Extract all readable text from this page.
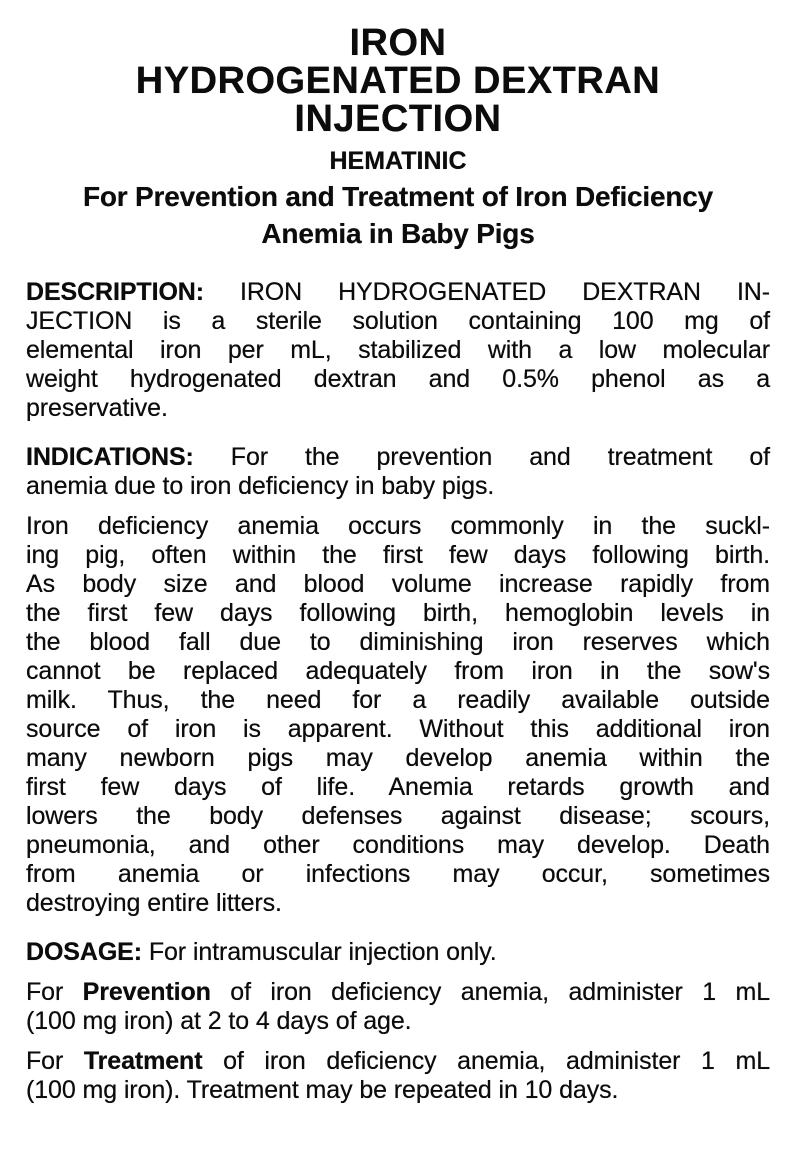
IRON
HYDROGENATED DEXTRAN
INJECTION
HEMATINIC
For Prevention and Treatment of Iron Deficiency
Anemia in Baby Pigs
DESCRIPTION: IRON HYDROGENATED DEXTRAN IN-
JECTION is a sterile solution containing 100 mg of
elemental iron per mL, stabilized with a low molecular
weight hydrogenated dextran and 0.5% phenol as a
preservative.
INDICATIONS: For the prevention and treatment of
anemia due to iron deficiency in baby pigs.
Iron deficiency anemia occurs commonly in the suckl-
ing pig, often within the first few days following birth.
As body size and blood volume increase rapidly from
the first few days following birth, hemoglobin levels in
the blood fall due to diminishing iron reserves which
cannot be replaced adequately from iron in the sow's
milk. Thus, the need for a readily available outside
source of iron is apparent. Without this additional iron
many newborn pigs may develop anemia within the
first few days of life. Anemia retards growth and
lowers the body defenses against disease; scours,
pneumonia, and other conditions may develop. Death
from anemia or infections may occur, sometimes
destroying entire litters.
DOSAGE: For intramuscular injection only.
For Prevention of iron deficiency anemia, administer 1 mL
(100 mg iron) at 2 to 4 days of age.
For Treatment of iron deficiency anemia, administer 1 mL
(100 mg iron). Treatment may be repeated in 10 days.
